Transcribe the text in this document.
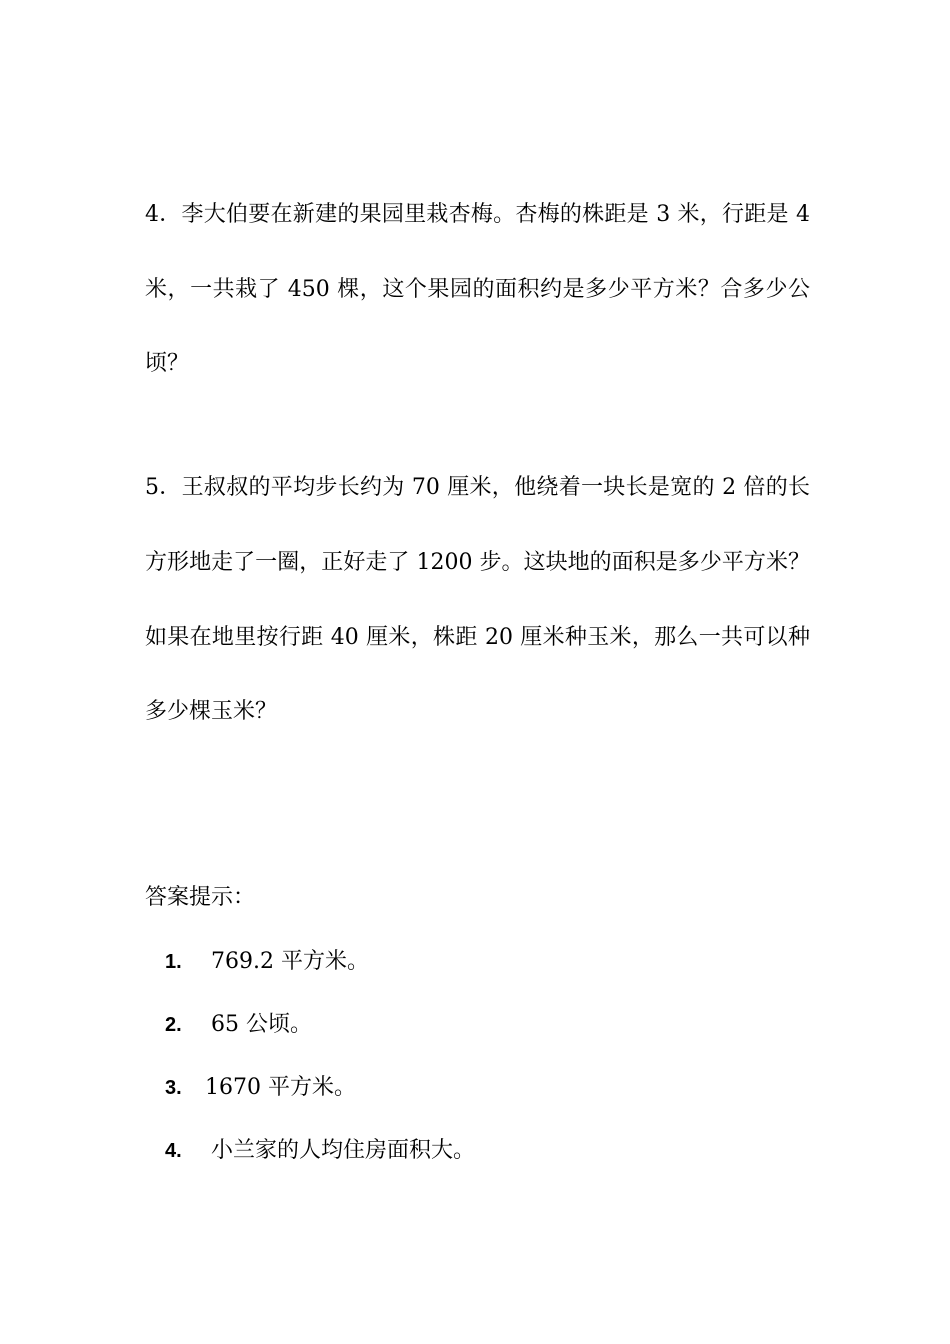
4．李大伯要在新建的果园里栽杏梅。杏梅的株距是 3 米，行距是 4
米，一共栽了 450 棵，这个果园的面积约是多少平方米？合多少公
顷？
5．王叔叔的平均步长约为 70 厘米，他绕着一块长是宽的 2 倍的长
方形地走了一圈，正好走了 1200 步。这块地的面积是多少平方米？
如果在地里按行距 40 厘米，株距 20 厘米种玉米，那么一共可以种
多少棵玉米？
答案提示：
1. 769.2 平方米。
2. 65 公顷。
3. 1670 平方米。
4. 小兰家的人均住房面积大。
